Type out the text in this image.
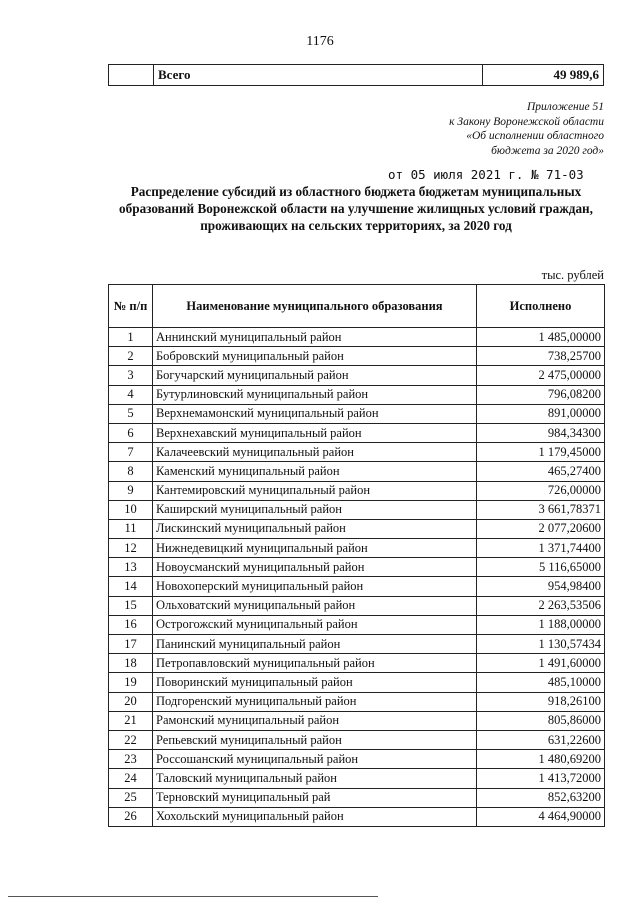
1176
	Всего	49 989,6
Приложение 51
к Закону Воронежской области
«Об исполнении областного
бюджета за 2020 год»
от 05 июля 2021 г. № 71-03
Распределение субсидий из областного бюджета бюджетам муниципальных образований Воронежской области на улучшение жилищных условий граждан, проживающих на сельских территориях, за 2020 год
тыс. рублей
№ п/п	Наименование муниципального образования	Исполнено
1	Аннинский муниципальный район	1 485,00000
2	Бобровский муниципальный район	738,25700
3	Богучарский муниципальный район	2 475,00000
4	Бутурлиновский муниципальный район	796,08200
5	Верхнемамонский муниципальный район	891,00000
6	Верхнехавский муниципальный район	984,34300
7	Калачеевский муниципальный район	1 179,45000
8	Каменский муниципальный район	465,27400
9	Кантемировский муниципальный район	726,00000
10	Каширский муниципальный район	3 661,78371
11	Лискинский муниципальный район	2 077,20600
12	Нижнедевицкий муниципальный район	1 371,74400
13	Новоусманский муниципальный район	5 116,65000
14	Новохоперский муниципальный район	954,98400
15	Ольховатский муниципальный район	2 263,53506
16	Острогожский муниципальный район	1 188,00000
17	Панинский муниципальный район	1 130,57434
18	Петропавловский муниципальный район	1 491,60000
19	Поворинский муниципальный район	485,10000
20	Подгоренский муниципальный район	918,26100
21	Рамонский муниципальный район	805,86000
22	Репьевский муниципальный район	631,22600
23	Россошанский муниципальный район	1 480,69200
24	Таловский муниципальный район	1 413,72000
25	Терновский муниципальный рай	852,63200
26	Хохольский муниципальный район	4 464,90000
